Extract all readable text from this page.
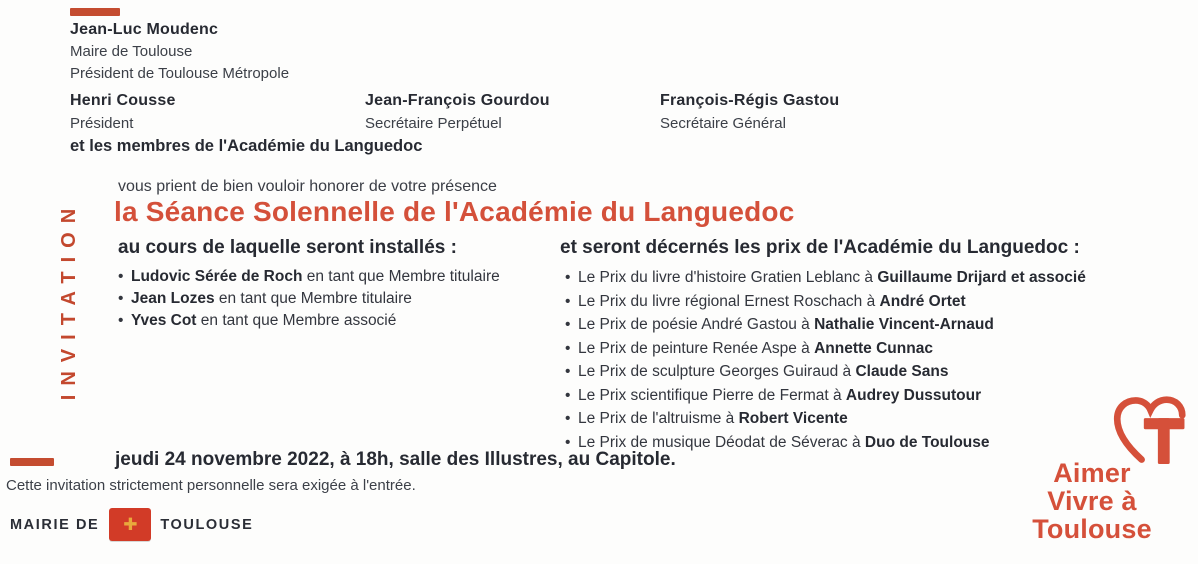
Jean-Luc Moudenc
Maire de Toulouse
Président de Toulouse Métropole
Henri Cousse
Président
Jean-François Gourdou
Secrétaire Perpétuel
François-Régis Gastou
Secrétaire Général
et les membres de l'Académie du Languedoc
INVITATION
vous prient de bien vouloir honorer de votre présence
la Séance Solennelle de l'Académie du Languedoc
au cours de laquelle seront installés :	et seront décernés les prix de l'Académie du Languedoc :
• Ludovic Sérée de Roch en tant que Membre titulaire
• Jean Lozes en tant que Membre titulaire
• Yves Cot en tant que Membre associé
• Le Prix du livre d'histoire Gratien Leblanc à Guillaume Drijard et associé
• Le Prix du livre régional Ernest Roschach à André Ortet
• Le Prix de poésie André Gastou à Nathalie Vincent-Arnaud
• Le Prix de peinture Renée Aspe à Annette Cunnac
• Le Prix de sculpture Georges Guiraud à Claude Sans
• Le Prix scientifique Pierre de Fermat à Audrey Dussutour
• Le Prix de l'altruisme à Robert Vicente
• Le Prix de musique Déodat de Séverac à Duo de Toulouse
jeudi 24 novembre 2022, à 18h, salle des Illustres, au Capitole.
Cette invitation strictement personnelle sera exigée à l'entrée.
MAIRIE DE ✚ TOULOUSE
Aimer
Vivre à
Toulouse
